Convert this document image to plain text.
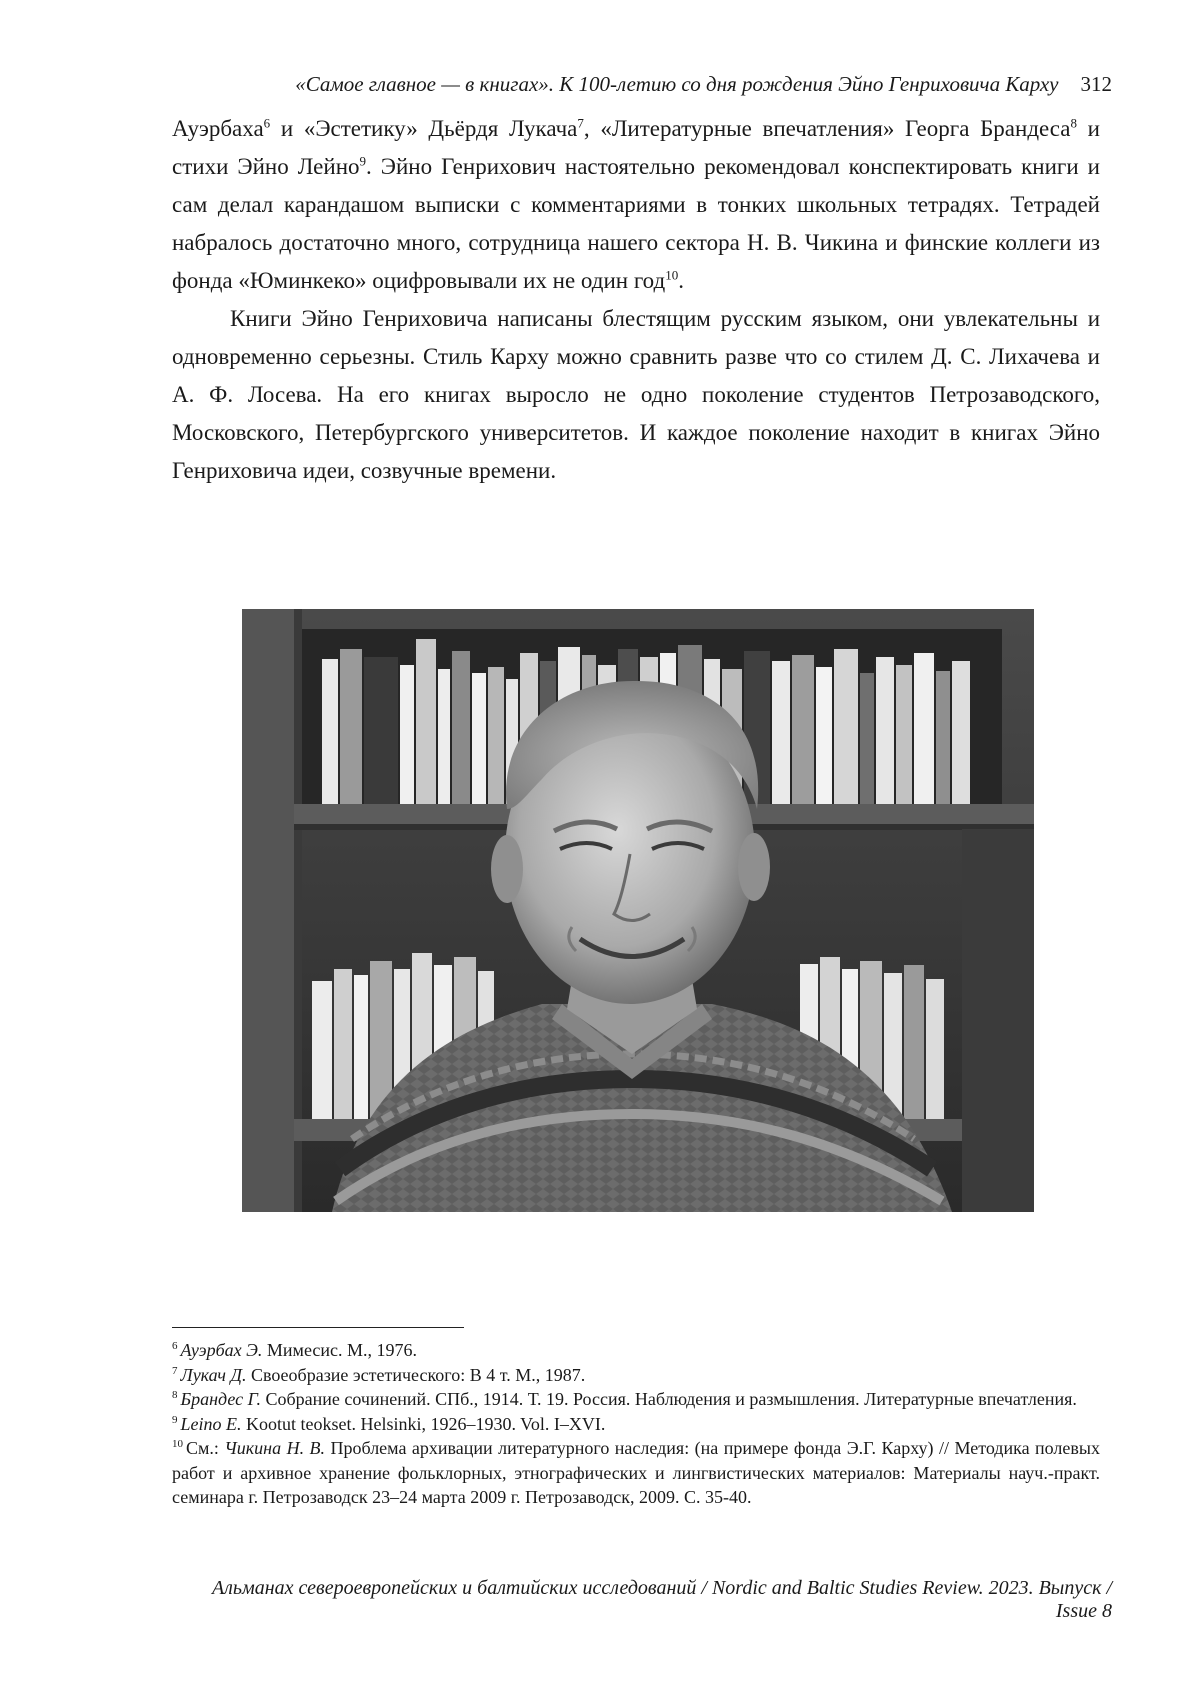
«Самое главное — в книгах». К 100-летию со дня рождения Эйно Генриховича Карху 312

Ауэрбаха$^6$ и «Эстетику» Дьёрдя Лукача$^7$, «Литературные впечатления» Георга Брандеса$^8$ и стихи Эйно Лейно$^9$. Эйно Генрихович настоятельно рекомендовал конспектировать книги и сам делал карандашом выписки с комментариями в тонких школьных тетрадях. Тетрадей набралось достаточно много, сотрудница нашего сектора Н. В. Чикина и финские коллеги из фонда «Юминкеко» оцифровывали их не один год$^{10}$.

Книги Эйно Генриховича написаны блестящим русским языком, они увлекательны и одновременно серьезны. Стиль Карху можно сравнить разве что со стилем Д. С. Лихачева и А. Ф. Лосева. На его книгах выросло не одно поколение студентов Петрозаводского, Московского, Петербургского университетов. И каждое поколение находит в книгах Эйно Генриховича идеи, созвучные времени.

$^6$ Ауэрбах Э. Мимесис. М., 1976.

$^7$ Лукач Д. Своеобразие эстетического: В 4 т. М., 1987.

$^8$ Брандес Г. Собрание сочинений. СПб., 1914. Т. 19. Россия. Наблюдения и размышления. Литературные впечатления.

$^9$ Leino E. Kootut teokset. Helsinki, 1926–1930. Vol. I–XVI.

$^{10}$ См.: Чикина Н. В. Проблема архивации литературного наследия: (на примере фонда Э.Г. Карху) // Методика полевых работ и архивное хранение фольклорных, этнографических и лингвистических материалов: Материалы науч.-практ. семинара г. Петрозаводск 23–24 марта 2009 г. Петрозаводск, 2009. С. 35-40.

Альманах североевропейских и балтийских исследований / Nordic and Baltic Studies Review. 2023. Выпуск / Issue 8
